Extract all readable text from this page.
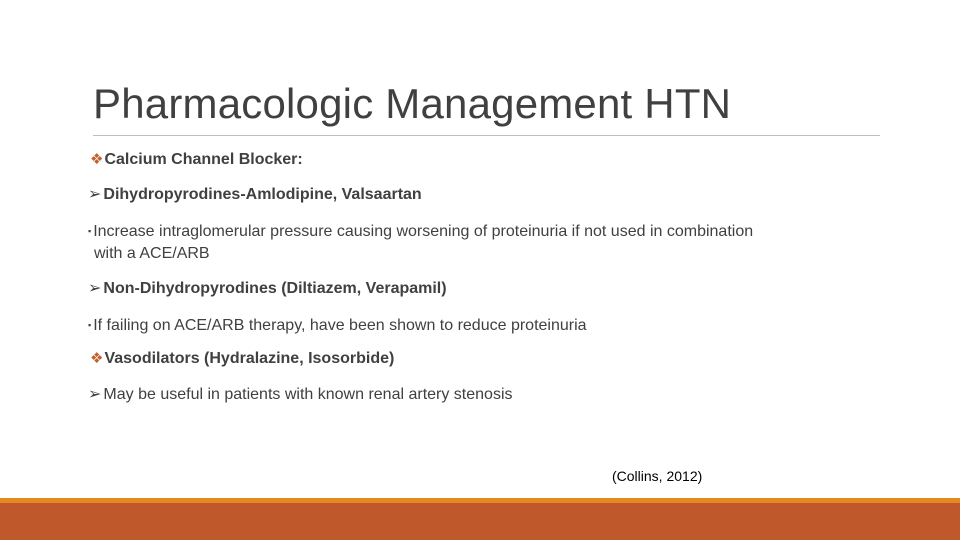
Pharmacologic Management HTN
❖Calcium Channel Blocker:
➢ Dihydropyrodines-Amlodipine, Valsaartan
▪ Increase intraglomerular pressure causing worsening of proteinuria if not used in combination
with a ACE/ARB
➢ Non-Dihydropyrodines (Diltiazem, Verapamil)
▪ If failing on ACE/ARB therapy, have been shown to reduce proteinuria
❖Vasodilators (Hydralazine, Isosorbide)
➢ May be useful in patients with known renal artery stenosis
(Collins, 2012)
